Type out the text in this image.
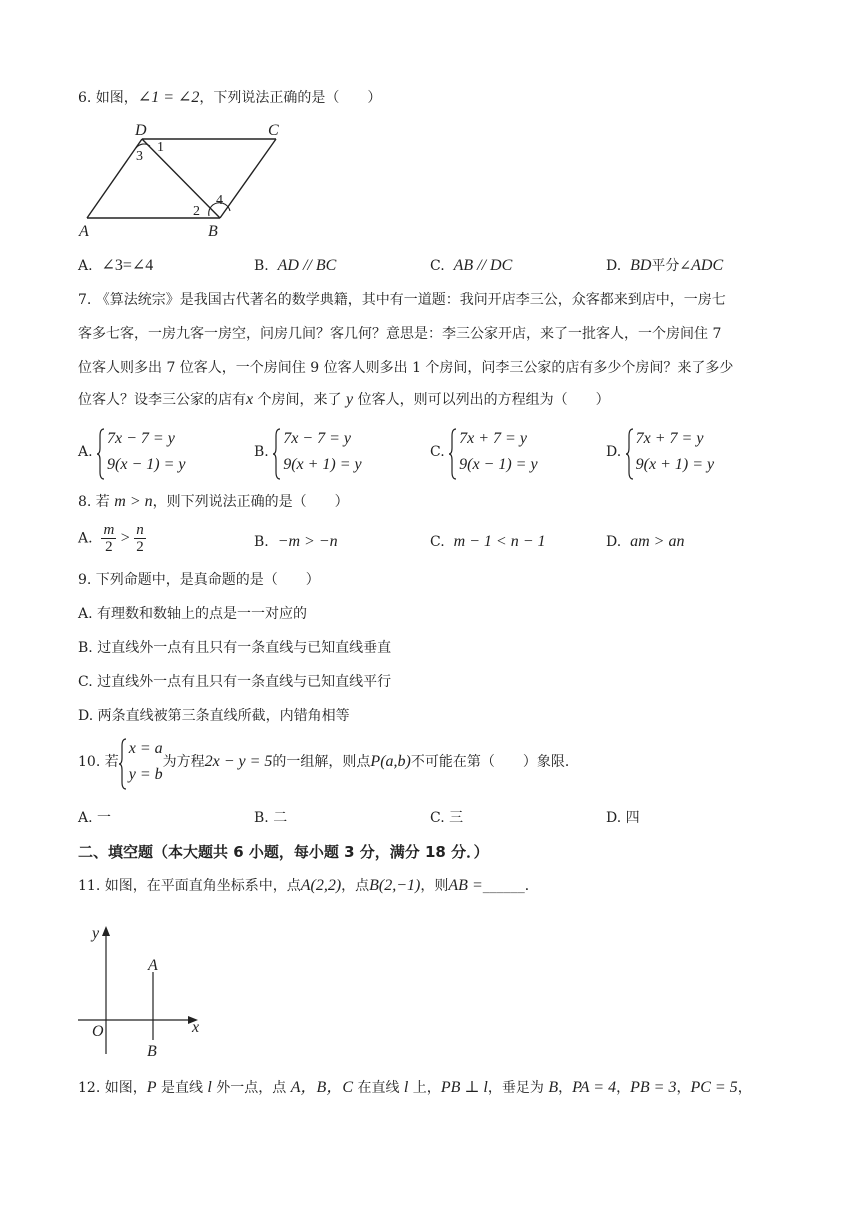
6. 如图，∠1 = ∠2，下列说法正确的是（　　）
D	C
A	B
1
3
2
4
A. ∠3=∠4	B. AD // BC	C. AB // DC	D. BD平分∠ADC
7. 《算法统宗》是我国古代著名的数学典籍，其中有一道题：我问开店李三公，众客都来到店中，一房七
客多七客，一房九客一房空，问房几间？客几何？意思是：李三公家开店，来了一批客人，一个房间住 7
位客人则多出 7 位客人，一个房间住 9 位客人则多出 1 个房间，问李三公家的店有多少个房间？来了多少
位客人？设李三公家的店有x 个房间，来了 y 位客人，则可以列出的方程组为（　　）
A.
7x − 7 = y
9(x − 1) = y
B.
7x − 7 = y
9(x + 1) = y
C.
7x + 7 = y
9(x − 1) = y
D.
7x + 7 = y
9(x + 1) = y
8. 若 m > n，则下列说法正确的是（　　）
A. $\frac{m}{2} > \frac{n}{2}$	B. −m > −n	C. m − 1 < n − 1	D. am > an
9. 下列命题中，是真命题的是（　　）
A. 有理数和数轴上的点是一一对应的
B. 过直线外一点有且只有一条直线与已知直线垂直
C. 过直线外一点有且只有一条直线与已知直线平行
D. 两条直线被第三条直线所截，内错角相等
10. 若
x = a
y = b
为方程2x − y = 5的一组解，则点P(a,b)不可能在第（　　）象限．
A. 一	B. 二	C. 三	D. 四
二、填空题（本大题共 6 小题，每小题 3 分，满分 18 分．）
11. 如图，在平面直角坐标系中，点A(2,2)，点B(2,−1)，则AB =______．
y
x
O
A
B
12. 如图，P 是直线 l 外一点，点 A，B，C 在直线 l 上，PB ⊥ l，垂足为 B，PA = 4，PB = 3，PC = 5，
